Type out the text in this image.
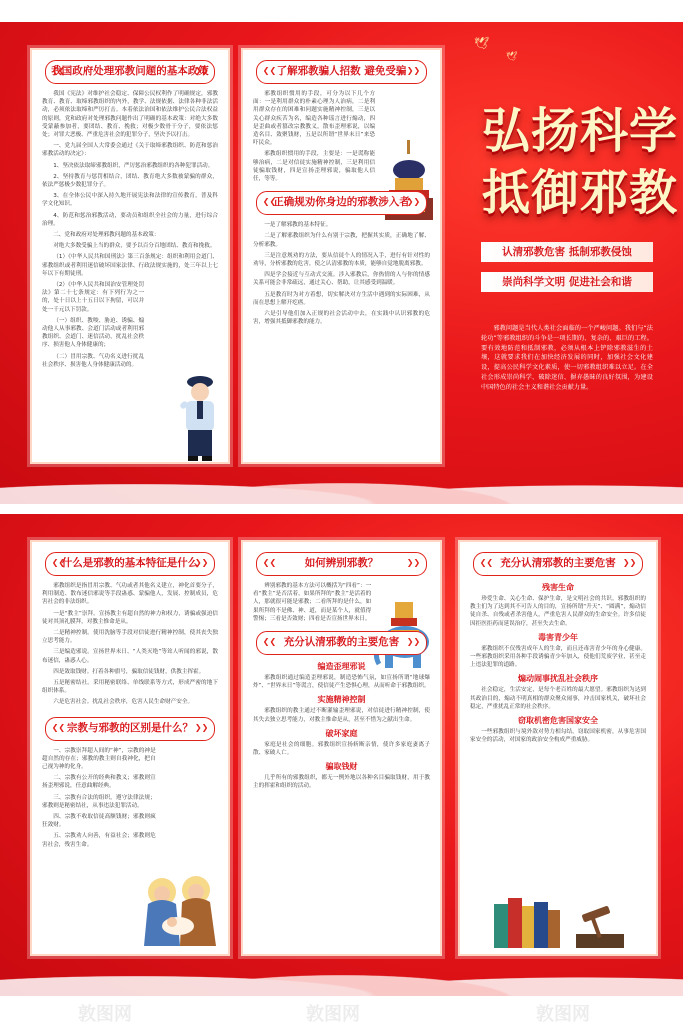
🕊
🕊
❮❮ 我国政府处理邪教问题的基本政策 ❯❯

我国《宪法》对维护社会稳定、保障公民权利作了明确规定，邪教教育、教育、取缔邪教组织的内外，教学、法规依据、法律各种非法活动，必须依法取缔和严厉打击。本着依法治国和依法维护公民合法权益的原则，党和政府对处理邪教问题作出了明确的基本政策：对绝大多数受蒙蔽参加者，要团结、教育、挽救；对极少数骨干分子，要依法惩处；对罪大恶极、严重危害社会的犯罪分子，坚决予以打击。

一、党九届全国人大常委会通过《关于取缔邪教组织、防范和惩治邪教活动的决定》：

1、坚决依法取缔邪教组织，严厉惩治邪教组织的各种犯罪活动。

2、坚持教育与惩罚相结合，团结、教育绝大多数被蒙骗的群众，依法严惩极少数犯罪分子。

3、在全体公民中深入持久地开展宪法和法律的宣传教育，普及科学文化知识。

4、防范和惩治邪教活动，要动员和组织全社会的力量，进行综合治理。

二、党和政府对处理邪教问题的基本政策：

对绝大多数受骗上当的群众，要予以百分百地团结、教育和挽救。

（1）《中华人民共和国刑法》第三百条规定：组织和利用会道门、邪教组织或者利用迷信破坏国家法律、行政法规实施的，处三年以上七年以下有期徒刑。

（2）《中华人民共和国治安管理处罚法》第二十七条规定：有下列行为之一的，处十日以上十五日以下拘留，可以并处一千元以下罚款。

（一）组织、教唆、胁迫、诱骗、煽动他人从事邪教、会道门活动或者利用邪教组织、会道门、迷信活动，扰乱社会秩序、损害他人身体健康的；

（二）冒用宗教、气功名义进行扰乱社会秩序、损害他人身体健康活动的。

❮❮ 了解邪教骗人招数 避免受骗 ❯❯

邪教组织惯用的手段，可分为以下几个方面：一是利用群众的朴素心理为人治病，二是利用群众存在的困难和问题实施精神控制，三是以关心群众疾苦为名，编造各种谣言进行煽动，四是歪曲或者篡改宗教教义，散布歪理邪说，以编造名目、敛聚钱财，五是以所谓“世界末日”来恐吓民众。

邪教组织惯用的手段，主要是：一是谎称能够治病，二是对信徒实施精神控制，三是利用信徒骗取钱财，四是宣扬歪理邪说，骗取他人信任，等等。

❮❮ 正确规劝你身边的邪教涉入者 ❯❯

一是了解邪教的基本特征。

二是了解邪教组织为什么有别于宗教，把握其实质，正确地了解、分析邪教。

三是注意规劝的方法，要从信徒个人的情况入手，进行有针对性的劝导，分析邪教的危害，使之认清邪教的本质，能够自觉地脱离邪教。

四是学会接近与互动式交流。涉入邪教后，你热情的人与你的情感关系可能会非常疏远，通过关心、帮助，让其感受到温暖。

五是教育时为对方着想，切实解决对方生活中遇到的实际困难，从而在思想上解开疙瘩。

六是引导他们加入正规的社会活动中去，在实践中认识邪教的危害，增强其抵御邪教的能力。

弘扬科学
抵御邪教
认清邪教危害 抵制邪教侵蚀
崇尚科学文明 促进社会和谐
邪教问题是当代人类社会面临的一个严峻问题。我们与“法轮功”等邪教组织的斗争是一项长期的、复杂的、艰巨的工程。要有效地防范和抵制邪教，必须从根本上铲除邪教滋生的土壤，这就要求我们在加快经济发展的同时，加强社会文化建设，提高公民科学文化素质，使一切邪教组织难以立足。在全社会形成崇尚科学、破除迷信、摒弃愚昧的良好氛围，为建设中国特色的社会主义和谐社会贡献力量。
❮❮ 什么是邪教的基本特征是什么 ❯❯

邪教组织是指冒用宗教、气功或者其他名义建立，神化首要分子，利用制造、散布迷信邪说等手段蛊惑、蒙骗他人，发展、控制成员，危害社会的非法组织。

一是“教主”崇拜。宣扬教主有超自然的神力和权力，诱骗或强迫信徒对其顶礼膜拜，对教主惟命是从。

二是精神控制。使用洗脑等手段对信徒进行精神控制，使其丧失独立思考能力。

三是编造邪说。宣扬世界末日、“人类灭绝”等耸人听闻的邪说，散布迷信，蛊惑人心。

四是敛取钱财。打着各种旗号，骗取信徒钱财，供教主挥霍。

五是秘密结社。采用秘密联络、单线联系等方式，形成严密的地下组织体系。

六是危害社会。扰乱社会秩序，危害人民生命财产安全。

❮❮ 宗教与邪教的区别是什么？ ❯❯

一、宗教崇拜超人间的“神”，宗教的神是超自然的存在；邪教的教主则自我神化，把自己视为神的化身。

二、宗教有公开的经典和教义；邪教则宣扬歪理邪说，任意曲解经典。

三、宗教有合法的组织，遵守法律法规；邪教则是秘密结社，从事违法犯罪活动。

四、宗教不收取信徒高额钱财；邪教则疯狂敛财。

五、宗教劝人向善，有益社会；邪教则危害社会，残害生命。

❮❮ 如何辨别邪教？ ❯❯

辨别邪教的基本方法可以概括为“四看”：一看“教主”是否活着，如果所拜的“教主”是活着的人，那就很可能是邪教；二看所拜的是什么，如果所拜的不是佛、神、道，而是某个人，就值得警惕；三看是否敛财；四看是否宣扬世界末日。

❮❮ 充分认清邪教的主要危害 ❯❯
编造歪理邪说

邪教组织通过编造歪理邪说，制造恐怖气氛，如宣扬所谓“地球爆炸”、“世界末日”等谎言，使信徒产生恐惧心理，从而听命于邪教组织。

实施精神控制

邪教组织的教主通过不断灌输歪理邪说，对信徒进行精神控制，使其失去独立思考能力，对教主惟命是从，甚至不惜为之献出生命。

破坏家庭

家庭是社会的细胞。邪教组织宣扬斩断亲情，使许多家庭妻离子散、家破人亡。

骗取钱财

几乎所有的邪教组织，都无一例外地以各种名目骗取钱财，用于教主的挥霍和组织的活动。

❮❮ 充分认清邪教的主要危害 ❯❯
残害生命

珍爱生命、关心生命、保护生命，是文明社会的共识。邪教组织的教主们为了达到其不可告人的目的，宣扬所谓“升天”、“圆满”，煽动信徒自杀、自残或者杀害他人，严重危害人民群众的生命安全。许多信徒因拒医拒药而延误治疗，甚至失去生命。

毒害青少年

邪教组织不仅残害成年人的生命，而且还毒害青少年的身心健康。一些邪教组织采用各种手段诱骗青少年加入，使他们荒废学业，甚至走上违法犯罪的道路。

煽动闹事扰乱社会秩序

社会稳定，生活安定，是每个老百姓的最大愿望。邪教组织为达到其政治目的，煽动不明真相的群众聚众闹事，冲击国家机关，破坏社会稳定，严重扰乱正常的社会秩序。

窃取机密危害国家安全

一些邪教组织与境外敌对势力相勾结，窃取国家机密，从事危害国家安全的活动，对国家的政治安全构成严重威胁。

敦图网	敦图网	敦图网
